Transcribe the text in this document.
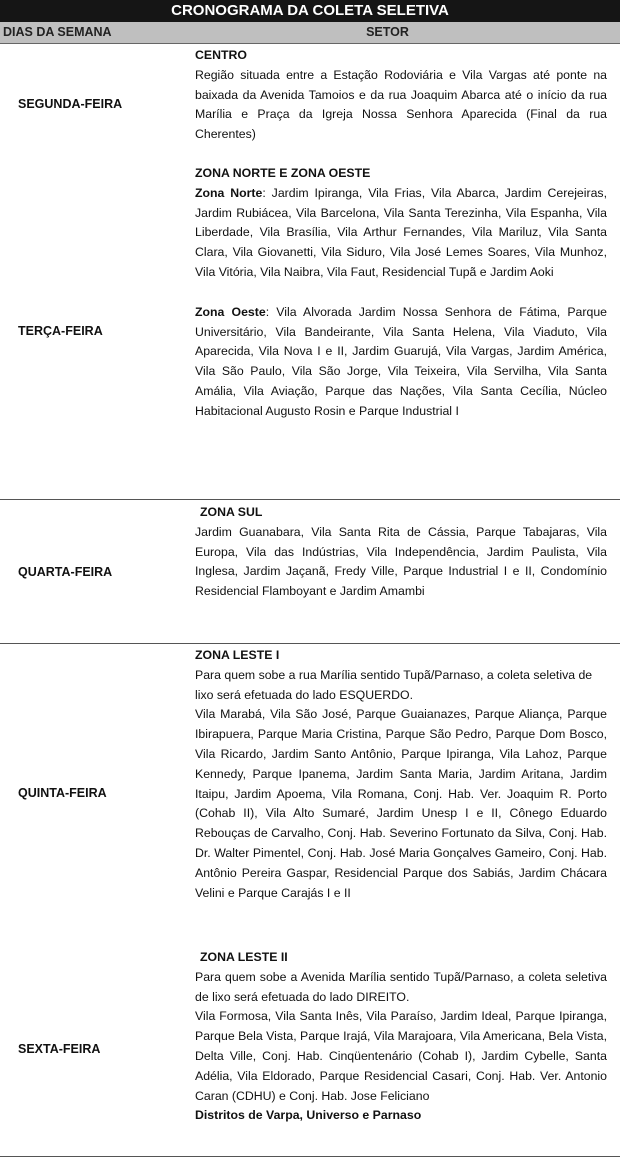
CRONOGRAMA DA COLETA SELETIVA
DIAS DA SEMANA	SETOR
SEGUNDA-FEIRA
CENTRO
Região situada entre a Estação Rodoviária e Vila Vargas até ponte na baixada da Avenida Tamoios e da rua Joaquim Abarca até o início da rua Marília e Praça da Igreja Nossa Senhora Aparecida (Final da rua Cherentes)
TERÇA-FEIRA
ZONA NORTE E ZONA OESTE
Zona Norte: Jardim Ipiranga, Vila Frias, Vila Abarca, Jardim Cerejeiras, Jardim Rubiácea, Vila Barcelona, Vila Santa Terezinha, Vila Espanha, Vila Liberdade, Vila Brasília, Vila Arthur Fernandes, Vila Mariluz, Vila Santa Clara, Vila Giovanetti, Vila Siduro, Vila José Lemes Soares, Vila Munhoz, Vila Vitória, Vila Naibra, Vila Faut, Residencial Tupã e Jardim Aoki
Zona Oeste: Vila Alvorada Jardim Nossa Senhora de Fátima, Parque Universitário, Vila Bandeirante, Vila Santa Helena, Vila Viaduto, Vila Aparecida, Vila Nova I e II, Jardim Guarujá, Vila Vargas, Jardim América, Vila São Paulo, Vila São Jorge, Vila Teixeira, Vila Servilha, Vila Santa Amália, Vila Aviação, Parque das Nações, Vila Santa Cecília, Núcleo Habitacional Augusto Rosin e Parque Industrial I
QUARTA-FEIRA
ZONA SUL
Jardim Guanabara, Vila Santa Rita de Cássia, Parque Tabajaras, Vila Europa, Vila das Indústrias, Vila Independência, Jardim Paulista, Vila Inglesa, Jardim Jaçanã, Fredy Ville, Parque Industrial I e II, Condomínio Residencial Flamboyant e Jardim Amambi
QUINTA-FEIRA
ZONA LESTE I
Para quem sobe a rua Marília sentido Tupã/Parnaso, a coleta seletiva de lixo será efetuada do lado ESQUERDO.
Vila Marabá, Vila São José, Parque Guaianazes, Parque Aliança, Parque Ibirapuera, Parque Maria Cristina, Parque São Pedro, Parque Dom Bosco, Vila Ricardo, Jardim Santo Antônio, Parque Ipiranga, Vila Lahoz, Parque Kennedy, Parque Ipanema, Jardim Santa Maria, Jardim Aritana, Jardim Itaipu, Jardim Apoema, Vila Romana, Conj. Hab. Ver. Joaquim R. Porto (Cohab II), Vila Alto Sumaré, Jardim Unesp I e II, Cônego Eduardo Rebouças de Carvalho, Conj. Hab. Severino Fortunato da Silva, Conj. Hab. Dr. Walter Pimentel, Conj. Hab. José Maria Gonçalves Gameiro, Conj. Hab. Antônio Pereira Gaspar, Residencial Parque dos Sabiás, Jardim Chácara Velini e Parque Carajás I e II
SEXTA-FEIRA
ZONA LESTE II
Para quem sobe a Avenida Marília sentido Tupã/Parnaso, a coleta seletiva de lixo será efetuada do lado DIREITO.
Vila Formosa, Vila Santa Inês, Vila Paraíso, Jardim Ideal, Parque Ipiranga, Parque Bela Vista, Parque Irajá, Vila Marajoara, Vila Americana, Bela Vista, Delta Ville, Conj. Hab. Cinqüentenário (Cohab I), Jardim Cybelle, Santa Adélia, Vila Eldorado, Parque Residencial Casari, Conj. Hab. Ver. Antonio Caran (CDHU) e Conj. Hab. Jose Feliciano
Distritos de Varpa, Universo e Parnaso
